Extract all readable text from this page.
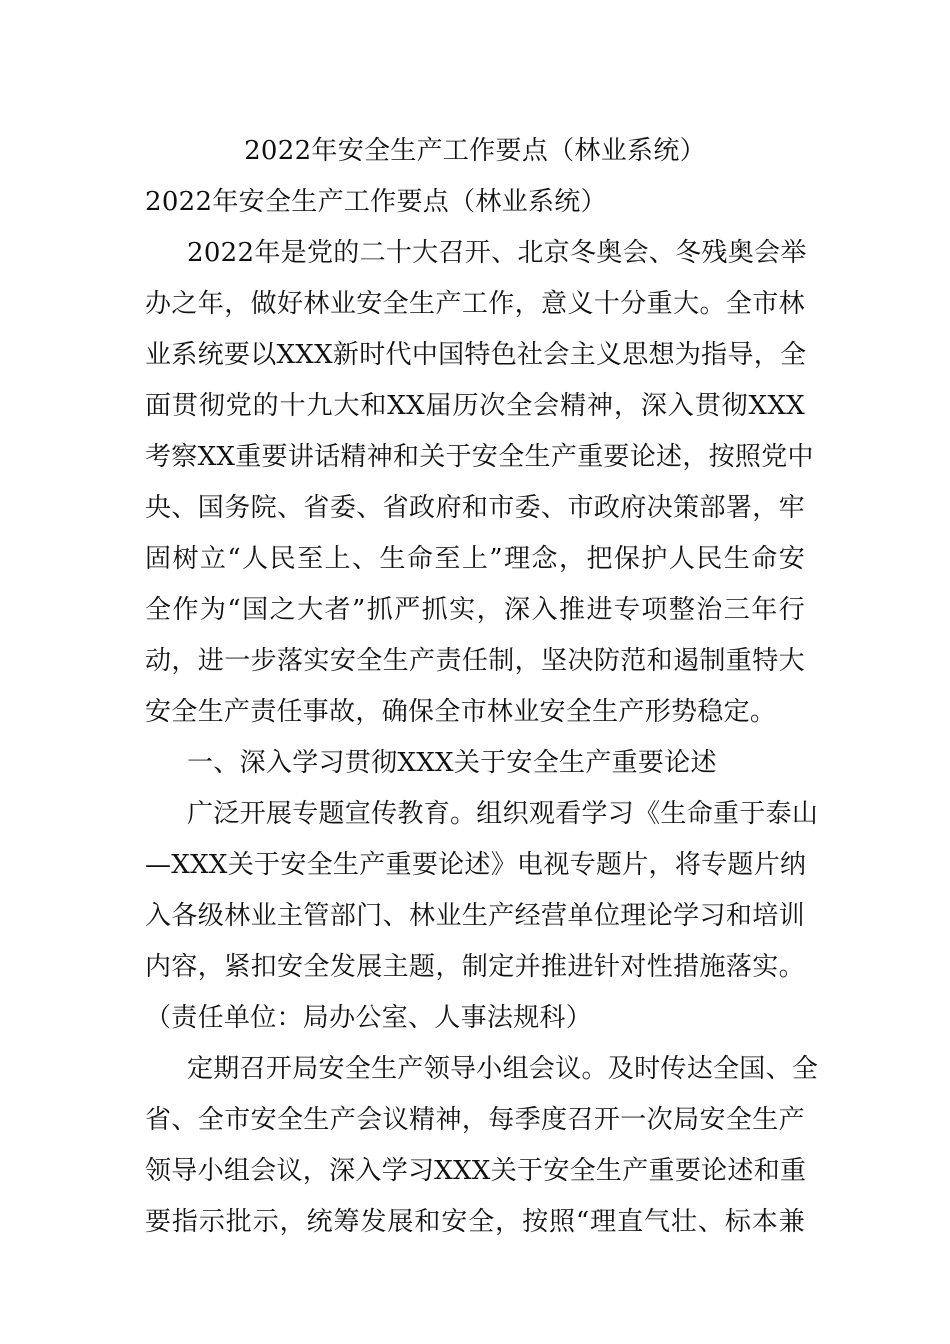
2022年安全生产工作要点（林业系统）
2022年安全生产工作要点（林业系统）
2022年是党的二十大召开、北京冬奥会、冬残奥会举
办之年，做好林业安全生产工作，意义十分重大。全市林
业系统要以XXX新时代中国特色社会主义思想为指导，全
面贯彻党的十九大和XX届历次全会精神，深入贯彻XXX
考察XX重要讲话精神和关于安全生产重要论述，按照党中
央、国务院、省委、省政府和市委、市政府决策部署，牢
固树立“人民至上、生命至上”理念，把保护人民生命安
全作为“国之大者”抓严抓实，深入推进专项整治三年行
动，进一步落实安全生产责任制，坚决防范和遏制重特大
安全生产责任事故，确保全市林业安全生产形势稳定。
一、深入学习贯彻XXX关于安全生产重要论述
广泛开展专题宣传教育。组织观看学习《生命重于泰山
—XXX关于安全生产重要论述》电视专题片，将专题片纳
入各级林业主管部门、林业生产经营单位理论学习和培训
内容，紧扣安全发展主题，制定并推进针对性措施落实。
（责任单位：局办公室、人事法规科）
定期召开局安全生产领导小组会议。及时传达全国、全
省、全市安全生产会议精神，每季度召开一次局安全生产
领导小组会议，深入学习XXX关于安全生产重要论述和重
要指示批示，统筹发展和安全，按照“理直气壮、标本兼
